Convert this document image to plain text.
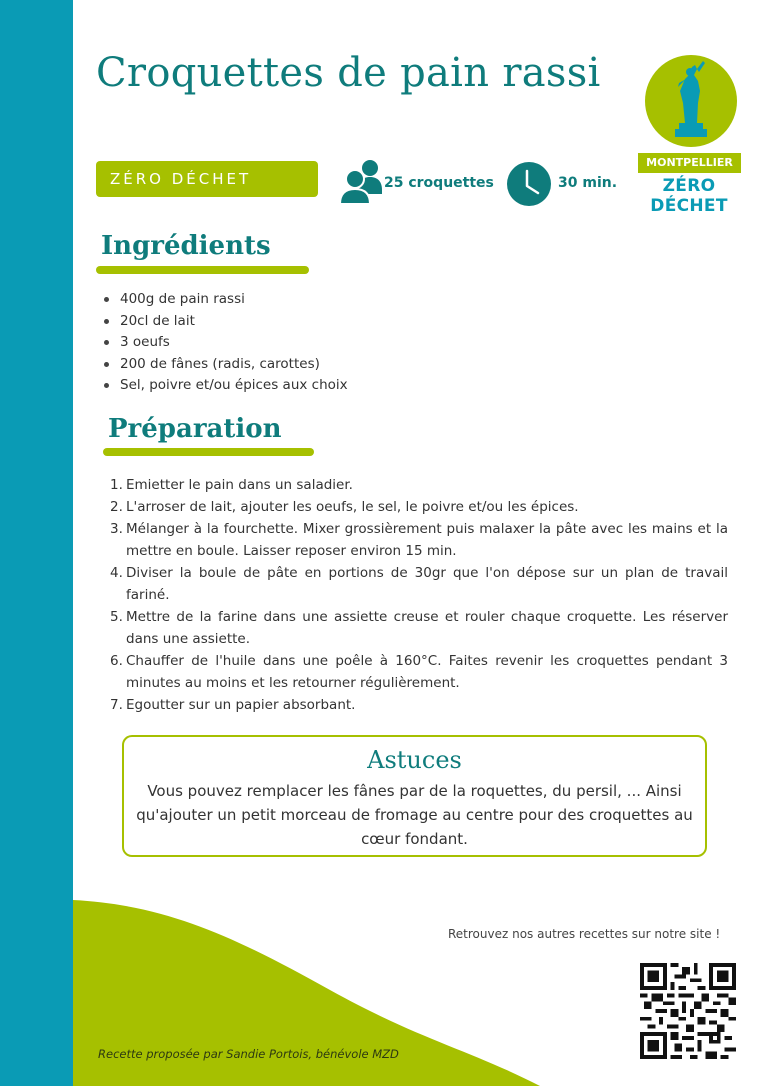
Croquettes de pain rassi
MONTPELLIER
ZÉRO DÉCHET
ZÉRO DÉCHET	25 croquettes	30 min.
Ingrédients
400g de pain rassi
20cl de lait
3 oeufs
200 de fânes (radis, carottes)
Sel, poivre et/ou épices aux choix
Préparation
1. Emietter le pain dans un saladier.
2. L'arroser de lait, ajouter les oeufs, le sel, le poivre et/ou les épices.
3. Mélanger à la fourchette. Mixer grossièrement puis malaxer la pâte avec les mains et la mettre en boule. Laisser reposer environ 15 min.
4. Diviser la boule de pâte en portions de 30gr que l'on dépose sur un plan de travail fariné.
5. Mettre de la farine dans une assiette creuse et rouler chaque croquette. Les réserver dans une assiette.
6. Chauffer de l'huile dans une poêle à 160°C. Faites revenir les croquettes pendant 3 minutes au moins et les retourner régulièrement.
7. Egoutter sur un papier absorbant.
Astuces
Vous pouvez remplacer les fânes par de la roquettes, du persil, ... Ainsi qu'ajouter un petit morceau de fromage au centre pour des croquettes au cœur fondant.
Retrouvez nos autres recettes sur notre site !
Recette proposée par Sandie Portois, bénévole MZD
